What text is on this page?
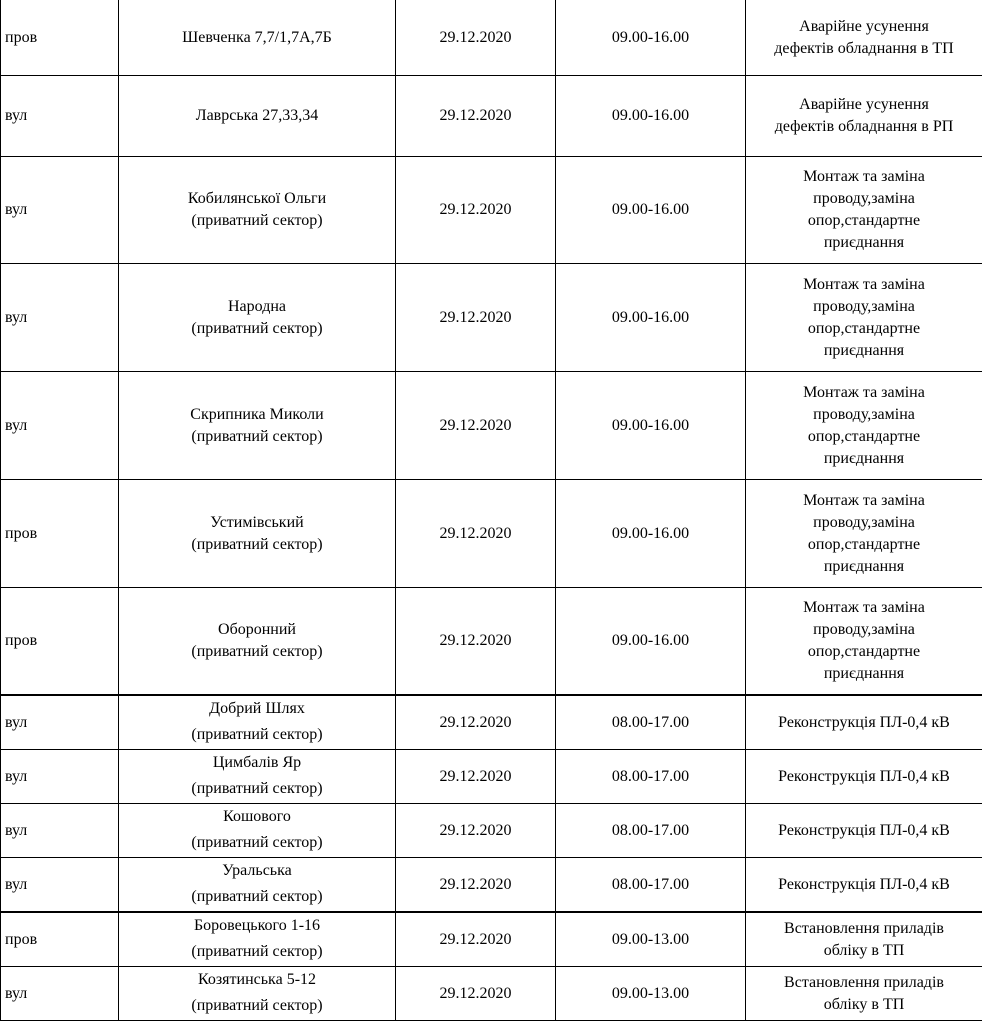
пров	Шевченка 7,7/1,7А,7Б	29.12.2020	09.00-16.00	Аварійне усунення
дефектів обладнання в ТП

вул	Лаврська 27,33,34	29.12.2020	09.00-16.00	Аварійне усунення
дефектів обладнання в РП

вул	Кобилянської Ольги
(приватний сектор)	29.12.2020	09.00-16.00	Монтаж та заміна
проводу,заміна
опор,стандартне
приєднання

вул	Народна
(приватний сектор)	29.12.2020	09.00-16.00	Монтаж та заміна
проводу,заміна
опор,стандартне
приєднання

вул	Скрипника Миколи
(приватний сектор)	29.12.2020	09.00-16.00	Монтаж та заміна
проводу,заміна
опор,стандартне
приєднання

пров	Устимівський
(приватний сектор)	29.12.2020	09.00-16.00	Монтаж та заміна
проводу,заміна
опор,стандартне
приєднання

пров	Оборонний
(приватний сектор)	29.12.2020	09.00-16.00	Монтаж та заміна
проводу,заміна
опор,стандартне
приєднання

вул	Добрий Шлях
(приватний сектор)	29.12.2020	08.00-17.00	Реконструкція ПЛ-0,4 кВ

вул	Цимбалів Яр
(приватний сектор)	29.12.2020	08.00-17.00	Реконструкція ПЛ-0,4 кВ

вул	Кошового
(приватний сектор)	29.12.2020	08.00-17.00	Реконструкція ПЛ-0,4 кВ

вул	Уральська
(приватний сектор)	29.12.2020	08.00-17.00	Реконструкція ПЛ-0,4 кВ

пров	Боровецького 1-16
(приватний сектор)	29.12.2020	09.00-13.00	Встановлення приладів
обліку в ТП

вул	Козятинська 5-12
(приватний сектор)	29.12.2020	09.00-13.00	Встановлення приладів
обліку в ТП
